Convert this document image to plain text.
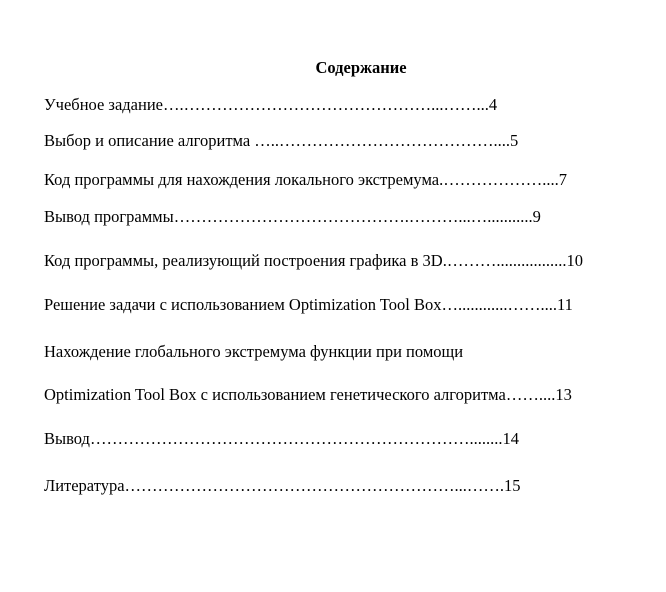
Содержание
Учебное задание….………………………………………...……...4
Выбор и описание алгоритма …..…………………………………....5
Код программы для нахождения локального экстремума.………………....7
Вывод программы…………………………………….………...…...........9
Код программы, реализующий построения графика в 3D.……….................10
Решение задачи с использованием Optimization Tool Box…............……....11
Нахождение глобального экстремума функции при помощи
Optimization Tool Box с использованием генетического алгоритма……....13
Вывод……………………………………………………………........14
Литература……………………………………………………...…….15
